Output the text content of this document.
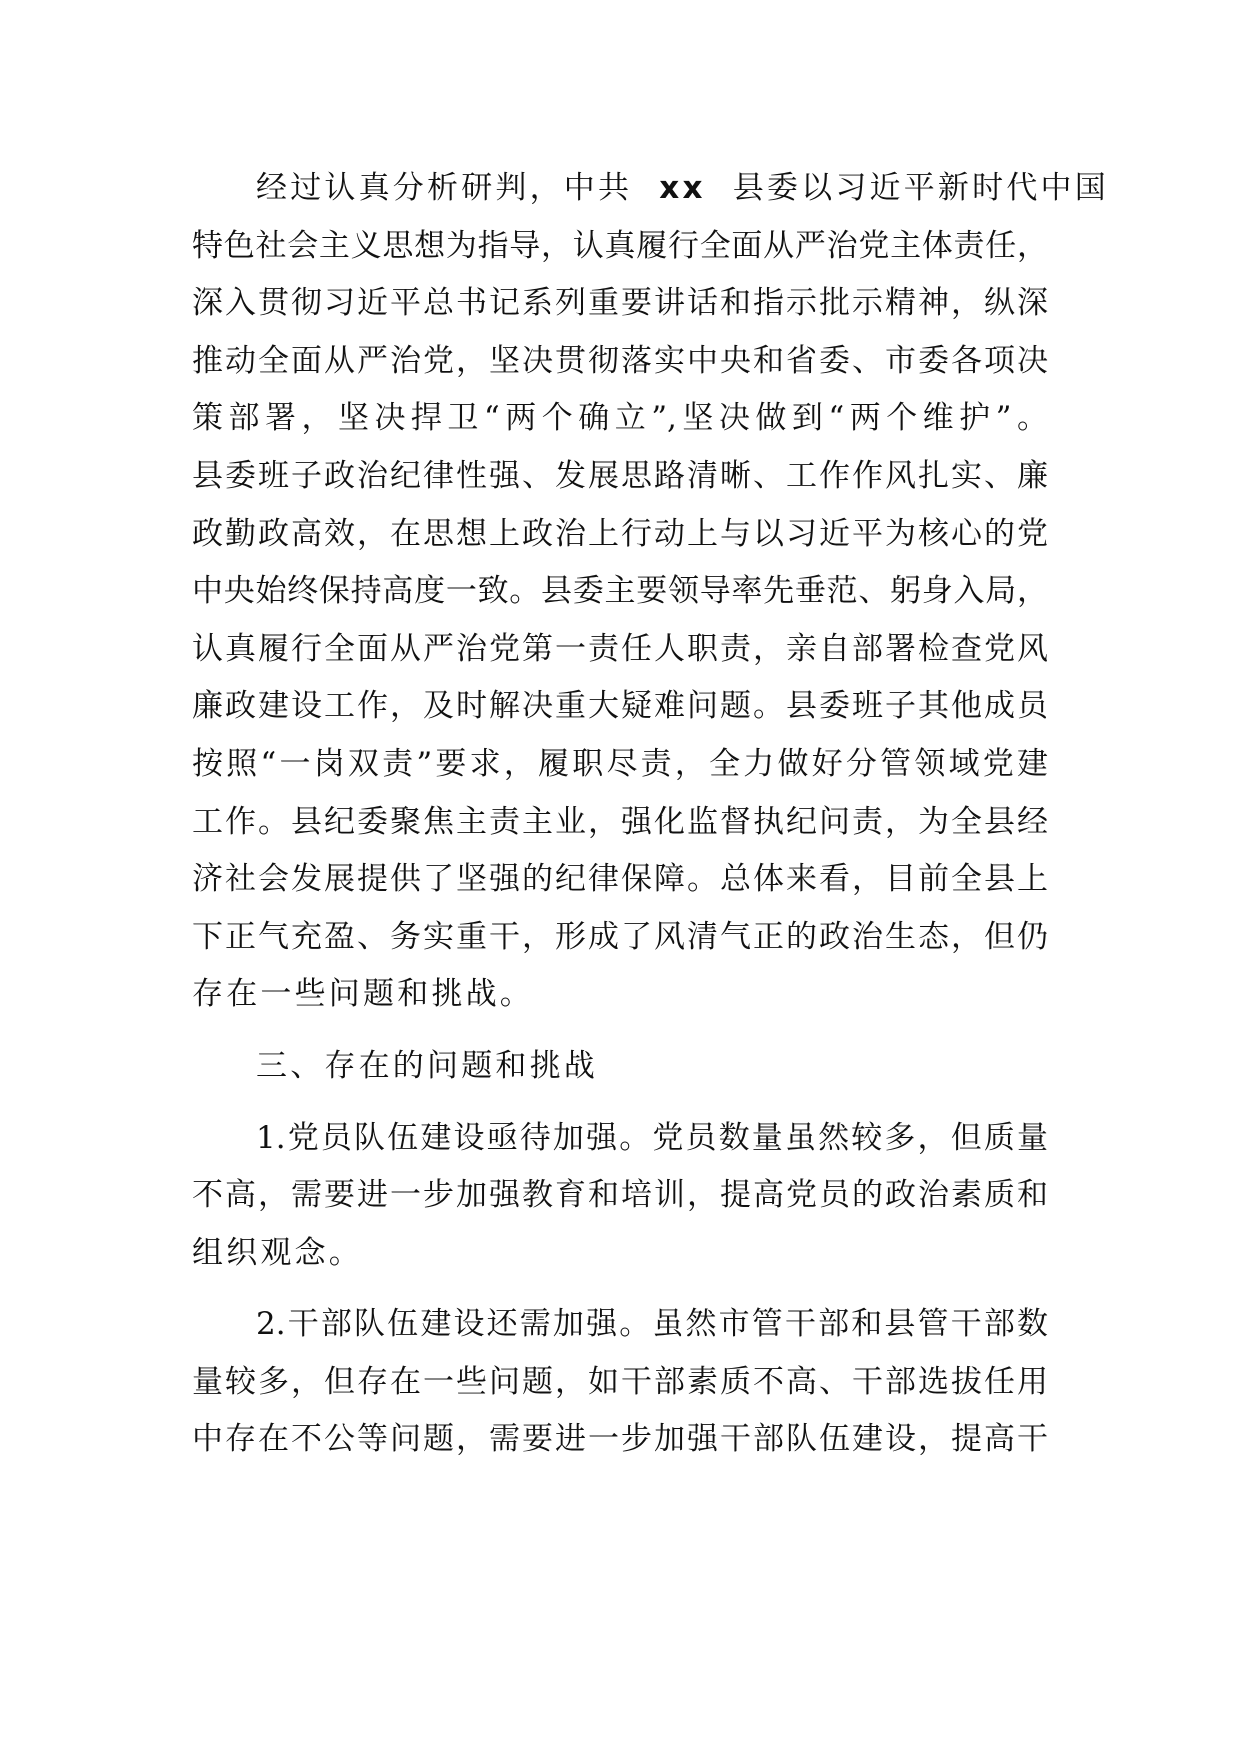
经过认真分析研判，中共 xx 县委以习近平新时代中国
特色社会主义思想为指导，认真履行全面从严治党主体责任，
深入贯彻习近平总书记系列重要讲话和指示批示精神，纵深
推动全面从严治党，坚决贯彻落实中央和省委、市委各项决
策部署，坚决捍卫“两个确立”,坚决做到“两个维护”。
县委班子政治纪律性强、发展思路清晰、工作作风扎实、廉
政勤政高效，在思想上政治上行动上与以习近平为核心的党
中央始终保持高度一致。县委主要领导率先垂范、躬身入局，
认真履行全面从严治党第一责任人职责，亲自部署检查党风
廉政建设工作，及时解决重大疑难问题。县委班子其他成员
按照“一岗双责”要求，履职尽责，全力做好分管领域党建
工作。县纪委聚焦主责主业，强化监督执纪问责，为全县经
济社会发展提供了坚强的纪律保障。总体来看，目前全县上
下正气充盈、务实重干，形成了风清气正的政治生态，但仍
存在一些问题和挑战。
三、存在的问题和挑战
1.党员队伍建设亟待加强。党员数量虽然较多，但质量
不高，需要进一步加强教育和培训，提高党员的政治素质和
组织观念。
2.干部队伍建设还需加强。虽然市管干部和县管干部数
量较多，但存在一些问题，如干部素质不高、干部选拔任用
中存在不公等问题，需要进一步加强干部队伍建设，提高干
